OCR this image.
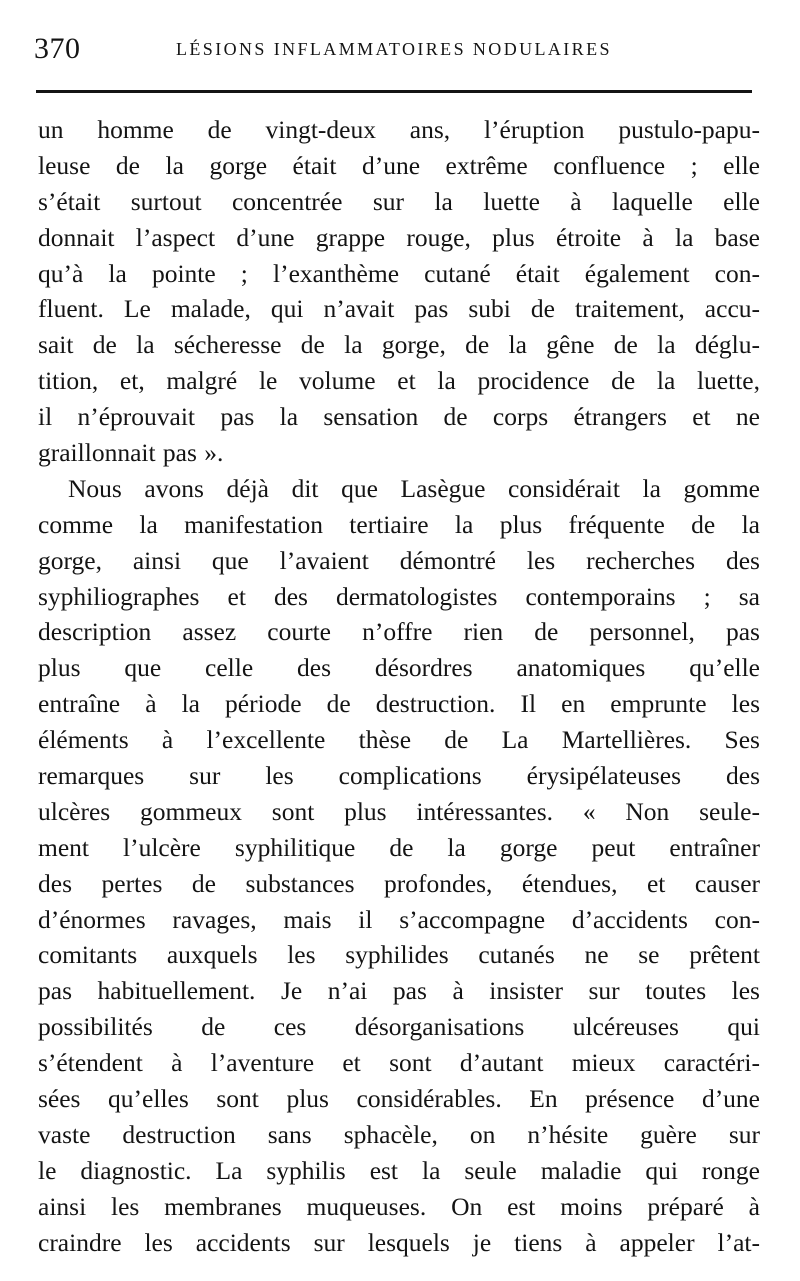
370	LÉSIONS INFLAMMATOIRES NODULAIRES
un homme de vingt-deux ans, l’éruption pustulo-papu-
leuse de la gorge était d’une extrême confluence ; elle
s’était surtout concentrée sur la luette à laquelle elle
donnait l’aspect d’une grappe rouge, plus étroite à la base
qu’à la pointe ; l’exanthème cutané était également con-
fluent. Le malade, qui n’avait pas subi de traitement, accu-
sait de la sécheresse de la gorge, de la gêne de la déglu-
tition, et, malgré le volume et la procidence de la luette,
il n’éprouvait pas la sensation de corps étrangers et ne
graillonnait pas ».
Nous avons déjà dit que Lasègue considérait la gomme
comme la manifestation tertiaire la plus fréquente de la
gorge, ainsi que l’avaient démontré les recherches des
syphiliographes et des dermatologistes contemporains ; sa
description assez courte n’offre rien de personnel, pas
plus que celle des désordres anatomiques qu’elle
entraîne à la période de destruction. Il en emprunte les
éléments à l’excellente thèse de La Martellières. Ses
remarques sur les complications érysipélateuses des
ulcères gommeux sont plus intéressantes. « Non seule-
ment l’ulcère syphilitique de la gorge peut entraîner
des pertes de substances profondes, étendues, et causer
d’énormes ravages, mais il s’accompagne d’accidents con-
comitants auxquels les syphilides cutanés ne se prêtent
pas habituellement. Je n’ai pas à insister sur toutes les
possibilités de ces désorganisations ulcéreuses qui
s’étendent à l’aventure et sont d’autant mieux caractéri-
sées qu’elles sont plus considérables. En présence d’une
vaste destruction sans sphacèle, on n’hésite guère sur
le diagnostic. La syphilis est la seule maladie qui ronge
ainsi les membranes muqueuses. On est moins préparé à
craindre les accidents sur lesquels je tiens à appeler l’at-
